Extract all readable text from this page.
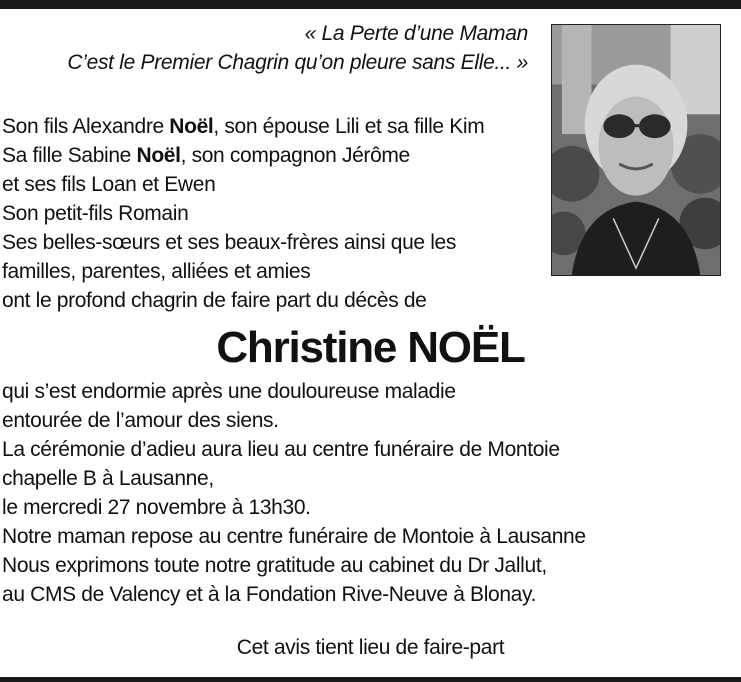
« La Perte d’une Maman
C’est le Premier Chagrin qu’on pleure sans Elle... »
Son fils Alexandre Noël, son épouse Lili et sa fille Kim
Sa fille Sabine Noël, son compagnon Jérôme
et ses fils Loan et Ewen
Son petit-fils Romain
Ses belles-sœurs et ses beaux-frères ainsi que les
familles, parentes, alliées et amies
ont le profond chagrin de faire part du décès de
Christine NOËL
qui s’est endormie après une douloureuse maladie
entourée de l’amour des siens.
La cérémonie d’adieu aura lieu au centre funéraire de Montoie
chapelle B à Lausanne,
le mercredi 27 novembre à 13h30.
Notre maman repose au centre funéraire de Montoie à Lausanne
Nous exprimons toute notre gratitude au cabinet du Dr Jallut,
au CMS de Valency et à la Fondation Rive-Neuve à Blonay.
Cet avis tient lieu de faire-part
